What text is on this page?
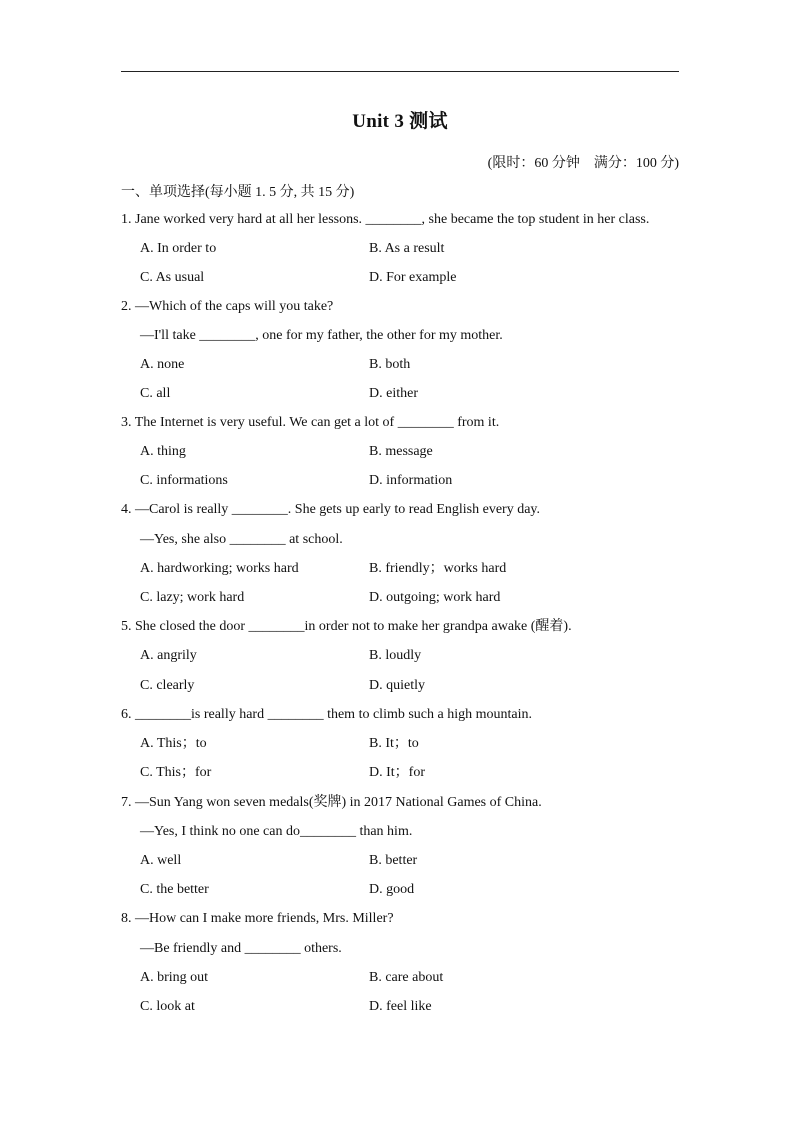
Unit 3 测试
(限时：60 分钟    满分：100 分)
一、单项选择(每小题 1. 5 分, 共 15 分)
1. Jane worked very hard at all her lessons. ________, she became the top student in her class.
A. In order to	B. As a result
C. As usual	D. For example
2. —Which of the caps will you take?
—I'll take ________, one for my father, the other for my mother.
A. none	B. both
C. all	D. either
3. The Internet is very useful. We can get a lot of ________ from it.
A. thing	B. message
C. informations	D. information
4. —Carol is really ________. She gets up early to read English every day.
—Yes, she also ________ at school.
A. hardworking; works hard	B. friendly；works hard
C. lazy; work hard	D. outgoing; work hard
5. She closed the door ________in order not to make her grandpa awake (醒着).
A. angrily	B. loudly
C. clearly	D. quietly
6. ________is really hard ________ them to climb such a high mountain.
A. This；to	B. It；to
C. This；for	D. It；for
7. —Sun Yang won seven medals(奖牌) in 2017 National Games of China.
—Yes, I think no one can do________ than him.
A. well	B. better
C. the better	D. good
8. —How can I make more friends, Mrs. Miller?
—Be friendly and ________ others.
A. bring out	B. care about
C. look at	D. feel like
